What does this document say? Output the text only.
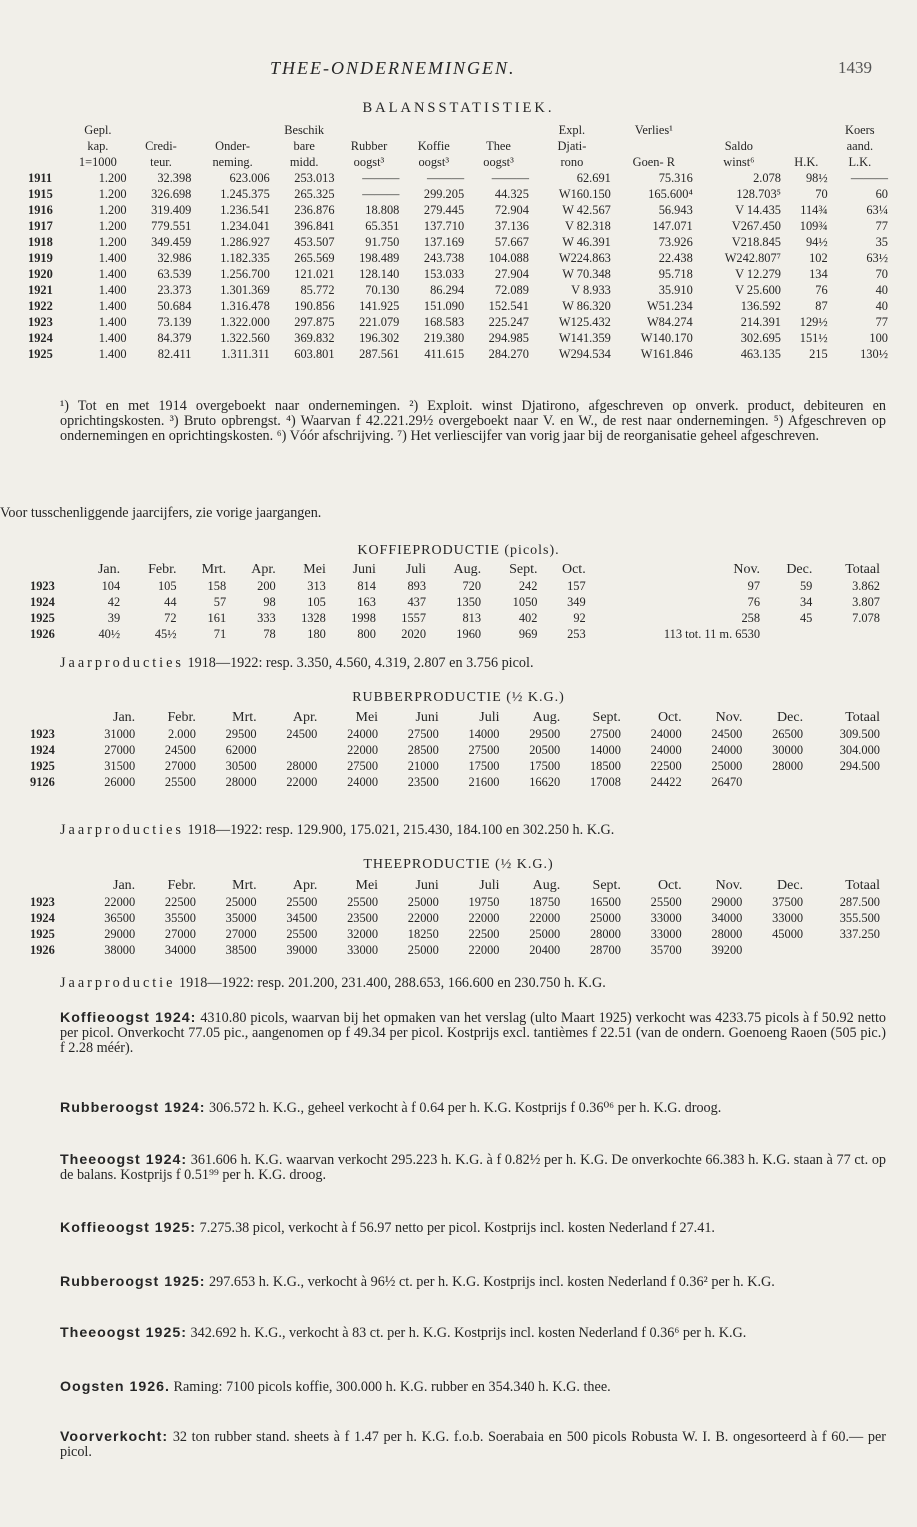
THEE-ONDERNEMINGEN.	1439
BALANSSTATISTIEK.
	Gepl.			Beschik				Expl.	Verlies¹			Koers
	kap.	Credi-	Onder-	bare	Rubber	Koffie	Thee	Djati-		Saldo		aand.
	1=1000	teur.	neming.	midd.	oogst³	oogst³	oogst³	rono	Goen- R	winst⁶	H.K.	L.K.
1911	1.200	32.398	623.006	253.013	———	———	———	62.691	75.316	2.078	98½	———
1915	1.200	326.698	1.245.375	265.325	———	299.205	44.325	W160.150	165.600⁴	128.703⁵	70	60
1916	1.200	319.409	1.236.541	236.876	18.808	279.445	72.904	W 42.567	56.943	V 14.435	114¾	63¼
1917	1.200	779.551	1.234.041	396.841	65.351	137.710	37.136	V 82.318	147.071	V267.450	109¾	77
1918	1.200	349.459	1.286.927	453.507	91.750	137.169	57.667	W 46.391	73.926	V218.845	94½	35
1919	1.400	32.986	1.182.335	265.569	198.489	243.738	104.088	W224.863	22.438	W242.807⁷	102	63½
1920	1.400	63.539	1.256.700	121.021	128.140	153.033	27.904	W 70.348	95.718	V 12.279	134	70
1921	1.400	23.373	1.301.369	85.772	70.130	86.294	72.089	V 8.933	35.910	V 25.600	76	40
1922	1.400	50.684	1.316.478	190.856	141.925	151.090	152.541	W 86.320	W51.234	136.592	87	40
1923	1.400	73.139	1.322.000	297.875	221.079	168.583	225.247	W125.432	W84.274	214.391	129½	77
1924	1.400	84.379	1.322.560	369.832	196.302	219.380	294.985	W141.359	W140.170	302.695	151½	100
1925	1.400	82.411	1.311.311	603.801	287.561	411.615	284.270	W294.534	W161.846	463.135	215	130½

¹) Tot en met 1914 overgeboekt naar ondernemingen. ²) Exploit. winst Djatirono, afgeschreven op onverk. product, debiteuren en oprichtingskosten. ³) Bruto opbrengst. ⁴) Waarvan f 42.221.29½ overgeboekt naar V. en W., de rest naar ondernemingen. ⁵) Afgeschreven op ondernemingen en oprichtingskosten. ⁶) Vóór afschrijving. ⁷) Het verliescijfer van vorig jaar bij de reorganisatie geheel afgeschreven.

Voor tusschenliggende jaarcijfers, zie vorige jaargangen.

KOFFIEPRODUCTIE (picols).
	Jan.	Febr.	Mrt.	Apr.	Mei	Juni	Juli	Aug.	Sept.	Oct.	Nov.	Dec.	Totaal
1923	104	105	158	200	313	814	893	720	242	157	97	59	3.862
1924	42	44	57	98	105	163	437	1350	1050	349	76	34	3.807
1925	39	72	161	333	1328	1998	1557	813	402	92	258	45	7.078
1926	40½	45½	71	78	180	800	2020	1960	969	253	113 tot. 11 m. 6530		

Jaarproducties 1918—1922: resp. 3.350, 4.560, 4.319, 2.807 en 3.756 picol.

RUBBERPRODUCTIE (½ K.G.)
	Jan.	Febr.	Mrt.	Apr.	Mei	Juni	Juli	Aug.	Sept.	Oct.	Nov.	Dec.	Totaal
1923	31000	2.000	29500	24500	24000	27500	14000	29500	27500	24000	24500	26500	309.500
1924	27000	24500	62000		22000	28500	27500	20500	14000	24000	24000	30000	304.000
1925	31500	27000	30500	28000	27500	21000	17500	17500	18500	22500	25000	28000	294.500
9126	26000	25500	28000	22000	24000	23500	21600	16620	17008	24422	26470		

Jaarproducties 1918—1922: resp. 129.900, 175.021, 215.430, 184.100 en 302.250 h. K.G.

THEEPRODUCTIE (½ K.G.)
	Jan.	Febr.	Mrt.	Apr.	Mei	Juni	Juli	Aug.	Sept.	Oct.	Nov.	Dec.	Totaal
1923	22000	22500	25000	25500	25500	25000	19750	18750	16500	25500	29000	37500	287.500
1924	36500	35500	35000	34500	23500	22000	22000	22000	25000	33000	34000	33000	355.500
1925	29000	27000	27000	25500	32000	18250	22500	25000	28000	33000	28000	45000	337.250
1926	38000	34000	38500	39000	33000	25000	22000	20400	28700	35700	39200		

Jaarproductie 1918—1922: resp. 201.200, 231.400, 288.653, 166.600 en 230.750 h. K.G.

Koffieoogst 1924: 4310.80 picols, waarvan bij het opmaken van het verslag (ulto Maart 1925) verkocht was 4233.75 picols à f 50.92 netto per picol. Onverkocht 77.05 pic., aangenomen op f 49.34 per picol. Kostprijs excl. tantièmes f 22.51 (van de ondern. Goenoeng Raoen (505 pic.) f 2.28 méér).

Rubberoogst 1924: 306.572 h. K.G., geheel verkocht à f 0.64 per h. K.G. Kostprijs f 0.36⁰⁶ per h. K.G. droog.

Theeoogst 1924: 361.606 h. K.G. waarvan verkocht 295.223 h. K.G. à f 0.82½ per h. K.G. De onverkochte 66.383 h. K.G. staan à 77 ct. op de balans. Kostprijs f 0.51⁹⁹ per h. K.G. droog.

Koffieoogst 1925: 7.275.38 picol, verkocht à f 56.97 netto per picol. Kostprijs incl. kosten Nederland f 27.41.

Rubberoogst 1925: 297.653 h. K.G., verkocht à 96½ ct. per h. K.G. Kostprijs incl. kosten Nederland f 0.36² per h. K.G.

Theeoogst 1925: 342.692 h. K.G., verkocht à 83 ct. per h. K.G. Kostprijs incl. kosten Nederland f 0.36⁶ per h. K.G.

Oogsten 1926. Raming: 7100 picols koffie, 300.000 h. K.G. rubber en 354.340 h. K.G. thee.

Voorverkocht: 32 ton rubber stand. sheets à f 1.47 per h. K.G. f.o.b. Soerabaia en 500 picols Robusta W. I. B. ongesorteerd à f 60.— per picol.
